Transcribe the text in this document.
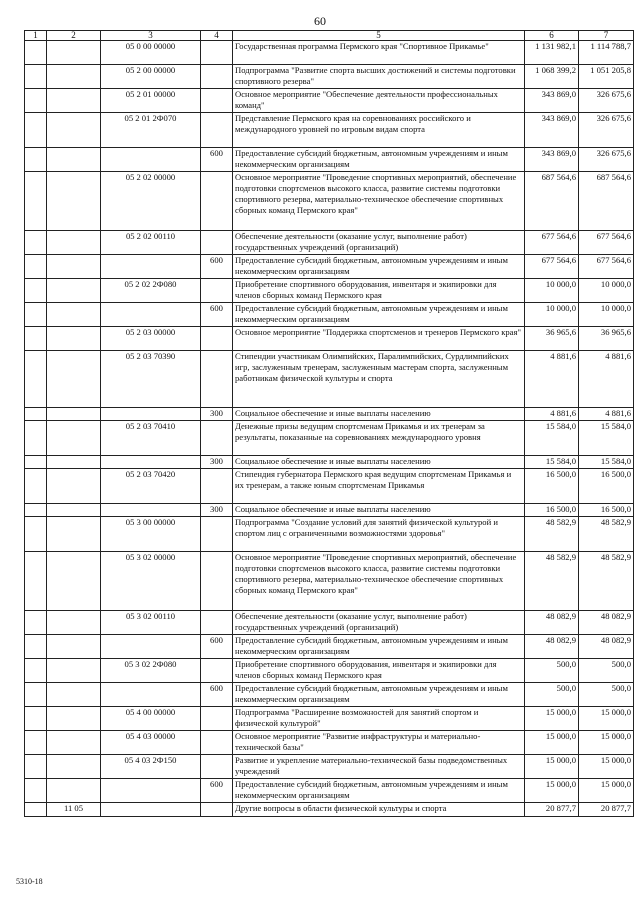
60
1	2	3	4	5	6	7
		05 0 00 00000		Государственная программа Пермского края "Спортивное Прикамье"	1 131 982,1	1 114 788,7
		05 2 00 00000		Подпрограмма "Развитие спорта высших достижений и системы подготовки спортивного резерва"	1 068 399,2	1 051 205,8
		05 2 01 00000		Основное мероприятие "Обеспечение деятельности профессиональных команд"	343 869,0	326 675,6
		05 2 01 2Ф070		Представление Пермского края на соревнованиях российского и международного уровней по игровым видам спорта	343 869,0	326 675,6
			600	Предоставление субсидий бюджетным, автономным учреждениям и иным некоммерческим организациям	343 869,0	326 675,6
		05 2 02 00000		Основное мероприятие "Проведение спортивных мероприятий, обеспечение подготовки спортсменов высокого класса, развитие системы подготовки спортивного резерва, материально-техническое обеспечение спортивных сборных команд Пермского края"	687 564,6	687 564,6
		05 2 02 00110		Обеспечение деятельности (оказание услуг, выполнение работ) государственных учреждений (организаций)	677 564,6	677 564,6
			600	Предоставление субсидий бюджетным, автономным учреждениям и иным некоммерческим организациям	677 564,6	677 564,6
		05 2 02 2Ф080		Приобретение спортивного оборудования, инвентаря и экипировки для членов сборных команд Пермского края	10 000,0	10 000,0
			600	Предоставление субсидий бюджетным, автономным учреждениям и иным некоммерческим организациям	10 000,0	10 000,0
		05 2 03 00000		Основное мероприятие "Поддержка спортсменов и тренеров Пермского края"	36 965,6	36 965,6
		05 2 03 70390		Стипендии участникам Олимпийских, Паралимпийских, Сурдлимпийских игр, заслуженным тренерам, заслуженным мастерам спорта, заслуженным работникам физической культуры и спорта	4 881,6	4 881,6
			300	Социальное обеспечение и иные выплаты населению	4 881,6	4 881,6
		05 2 03 70410		Денежные призы ведущим спортсменам Прикамья и их тренерам за результаты, показанные на соревнованиях международного уровня	15 584,0	15 584,0
			300	Социальное обеспечение и иные выплаты населению	15 584,0	15 584,0
		05 2 03 70420		Стипендия губернатора Пермского края ведущим спортсменам Прикамья и их тренерам, а также юным спортсменам Прикамья	16 500,0	16 500,0
			300	Социальное обеспечение и иные выплаты населению	16 500,0	16 500,0
		05 3 00 00000		Подпрограмма "Создание условий для занятий физической культурой и спортом лиц с ограниченными возможностями здоровья"	48 582,9	48 582,9
		05 3 02 00000		Основное мероприятие "Проведение спортивных мероприятий, обеспечение подготовки спортсменов высокого класса, развитие системы подготовки спортивного резерва, материально-техническое обеспечение спортивных сборных команд Пермского края"	48 582,9	48 582,9
		05 3 02 00110		Обеспечение деятельности (оказание услуг, выполнение работ) государственных учреждений (организаций)	48 082,9	48 082,9
			600	Предоставление субсидий бюджетным, автономным учреждениям и иным некоммерческим организациям	48 082,9	48 082,9
		05 3 02 2Ф080		Приобретение спортивного оборудования, инвентаря и экипировки для членов сборных команд Пермского края	500,0	500,0
			600	Предоставление субсидий бюджетным, автономным учреждениям и иным некоммерческим организациям	500,0	500,0
		05 4 00 00000		Подпрограмма "Расширение возможностей для занятий спортом и физической культурой"	15 000,0	15 000,0
		05 4 03 00000		Основное мероприятие "Развитие инфраструктуры и материально-технической базы"	15 000,0	15 000,0
		05 4 03 2Ф150		Развитие и укрепление материально-технической базы подведомственных учреждений	15 000,0	15 000,0
			600	Предоставление субсидий бюджетным, автономным учреждениям и иным некоммерческим организациям	15 000,0	15 000,0
	11 05			Другие вопросы в области физической культуры и спорта	20 877,7	20 877,7
5310-18
